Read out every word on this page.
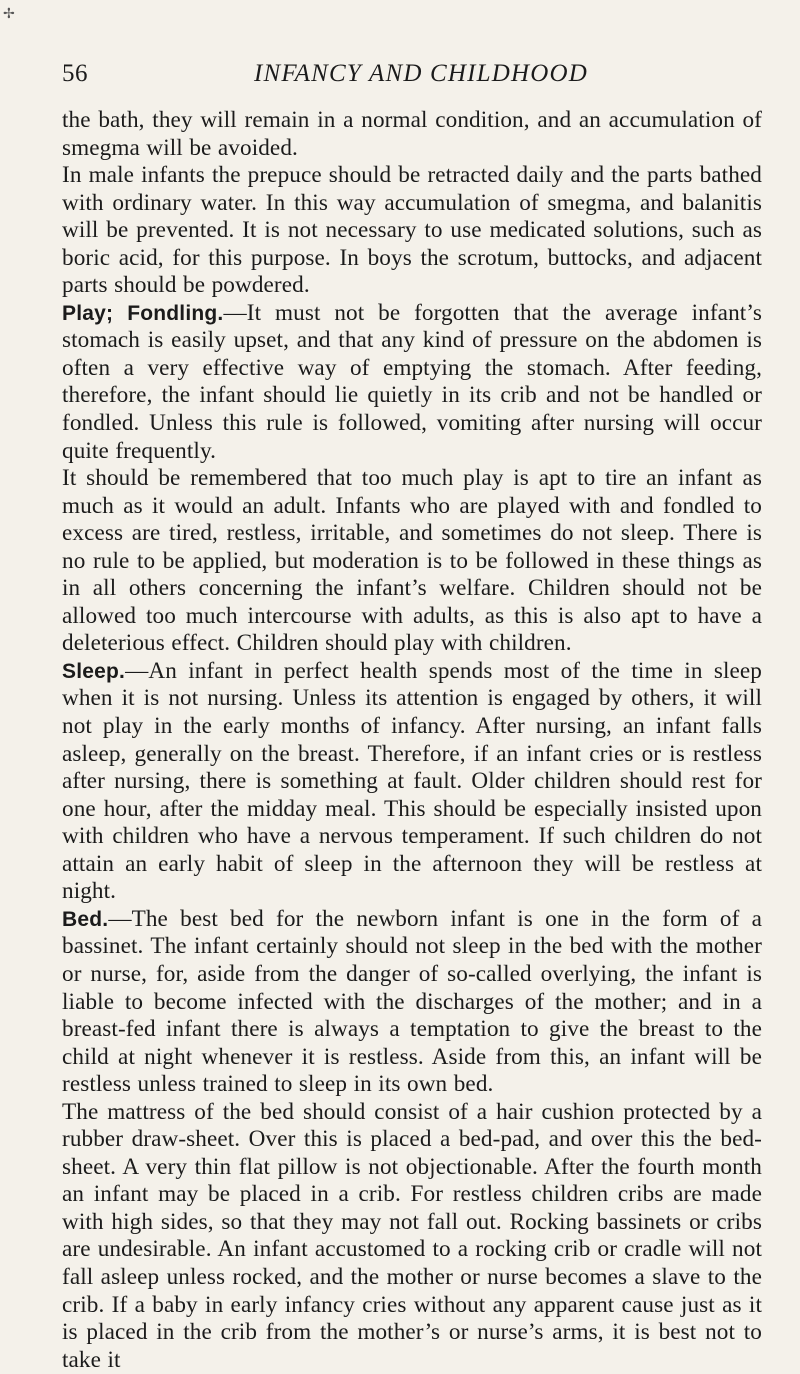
✢
56	INFANCY AND CHILDHOOD

the bath, they will remain in a normal condition, and an accumulation of smegma will be avoided.

In male infants the prepuce should be retracted daily and the parts bathed with ordinary water. In this way accumulation of smegma, and balanitis will be prevented. It is not necessary to use medicated solutions, such as boric acid, for this purpose. In boys the scrotum, buttocks, and adjacent parts should be powdered.

Play; Fondling.—It must not be forgotten that the average infant’s stomach is easily upset, and that any kind of pressure on the abdomen is often a very effective way of emptying the stomach. After feeding, therefore, the infant should lie quietly in its crib and not be handled or fondled. Unless this rule is followed, vomiting after nursing will occur quite frequently.

It should be remembered that too much play is apt to tire an infant as much as it would an adult. Infants who are played with and fondled to excess are tired, restless, irritable, and sometimes do not sleep. There is no rule to be applied, but moderation is to be followed in these things as in all others concerning the infant’s welfare. Children should not be allowed too much intercourse with adults, as this is also apt to have a deleterious effect. Children should play with children.

Sleep.—An infant in perfect health spends most of the time in sleep when it is not nursing. Unless its attention is engaged by others, it will not play in the early months of infancy. After nursing, an infant falls asleep, generally on the breast. Therefore, if an infant cries or is restless after nursing, there is something at fault. Older children should rest for one hour, after the midday meal. This should be especially insisted upon with children who have a nervous temperament. If such children do not attain an early habit of sleep in the afternoon they will be restless at night.

Bed.—The best bed for the newborn infant is one in the form of a bassinet. The infant certainly should not sleep in the bed with the mother or nurse, for, aside from the danger of so-called overlying, the infant is liable to become infected with the discharges of the mother; and in a breast-fed infant there is always a temptation to give the breast to the child at night whenever it is restless. Aside from this, an infant will be restless unless trained to sleep in its own bed.

The mattress of the bed should consist of a hair cushion protected by a rubber draw-sheet. Over this is placed a bed-pad, and over this the bed-sheet. A very thin flat pillow is not objectionable. After the fourth month an infant may be placed in a crib. For restless children cribs are made with high sides, so that they may not fall out. Rocking bassinets or cribs are undesirable. An infant accustomed to a rocking crib or cradle will not fall asleep unless rocked, and the mother or nurse becomes a slave to the crib. If a baby in early infancy cries without any apparent cause just as it is placed in the crib from the mother’s or nurse’s arms, it is best not to take it
